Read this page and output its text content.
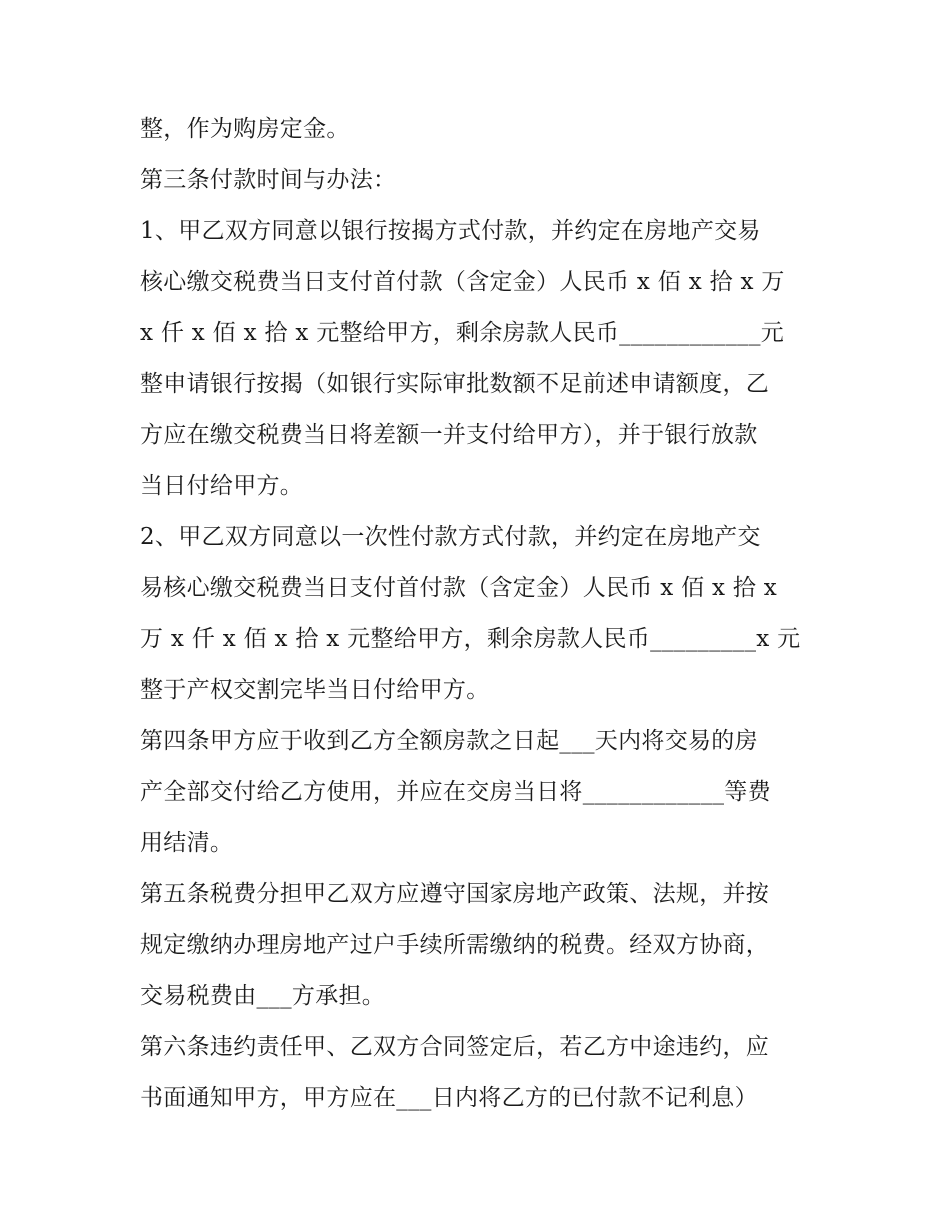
整，作为购房定金。
第三条付款时间与办法：
1、甲乙双方同意以银行按揭方式付款，并约定在房地产交易
核心缴交税费当日支付首付款（含定金）人民币 x 佰 x 拾 x 万
x 仟 x 佰 x 拾 x 元整给甲方，剩余房款人民币____________元
整申请银行按揭（如银行实际审批数额不足前述申请额度，乙
方应在缴交税费当日将差额一并支付给甲方），并于银行放款
当日付给甲方。
2、甲乙双方同意以一次性付款方式付款，并约定在房地产交
易核心缴交税费当日支付首付款（含定金）人民币 x 佰 x 拾 x
万 x 仟 x 佰 x 拾 x 元整给甲方，剩余房款人民币_________x 元
整于产权交割完毕当日付给甲方。
第四条甲方应于收到乙方全额房款之日起___天内将交易的房
产全部交付给乙方使用，并应在交房当日将____________等费
用结清。
第五条税费分担甲乙双方应遵守国家房地产政策、法规，并按
规定缴纳办理房地产过户手续所需缴纳的税费。经双方协商，
交易税费由___方承担。
第六条违约责任甲、乙双方合同签定后，若乙方中途违约，应
书面通知甲方，甲方应在___日内将乙方的已付款不记利息）
